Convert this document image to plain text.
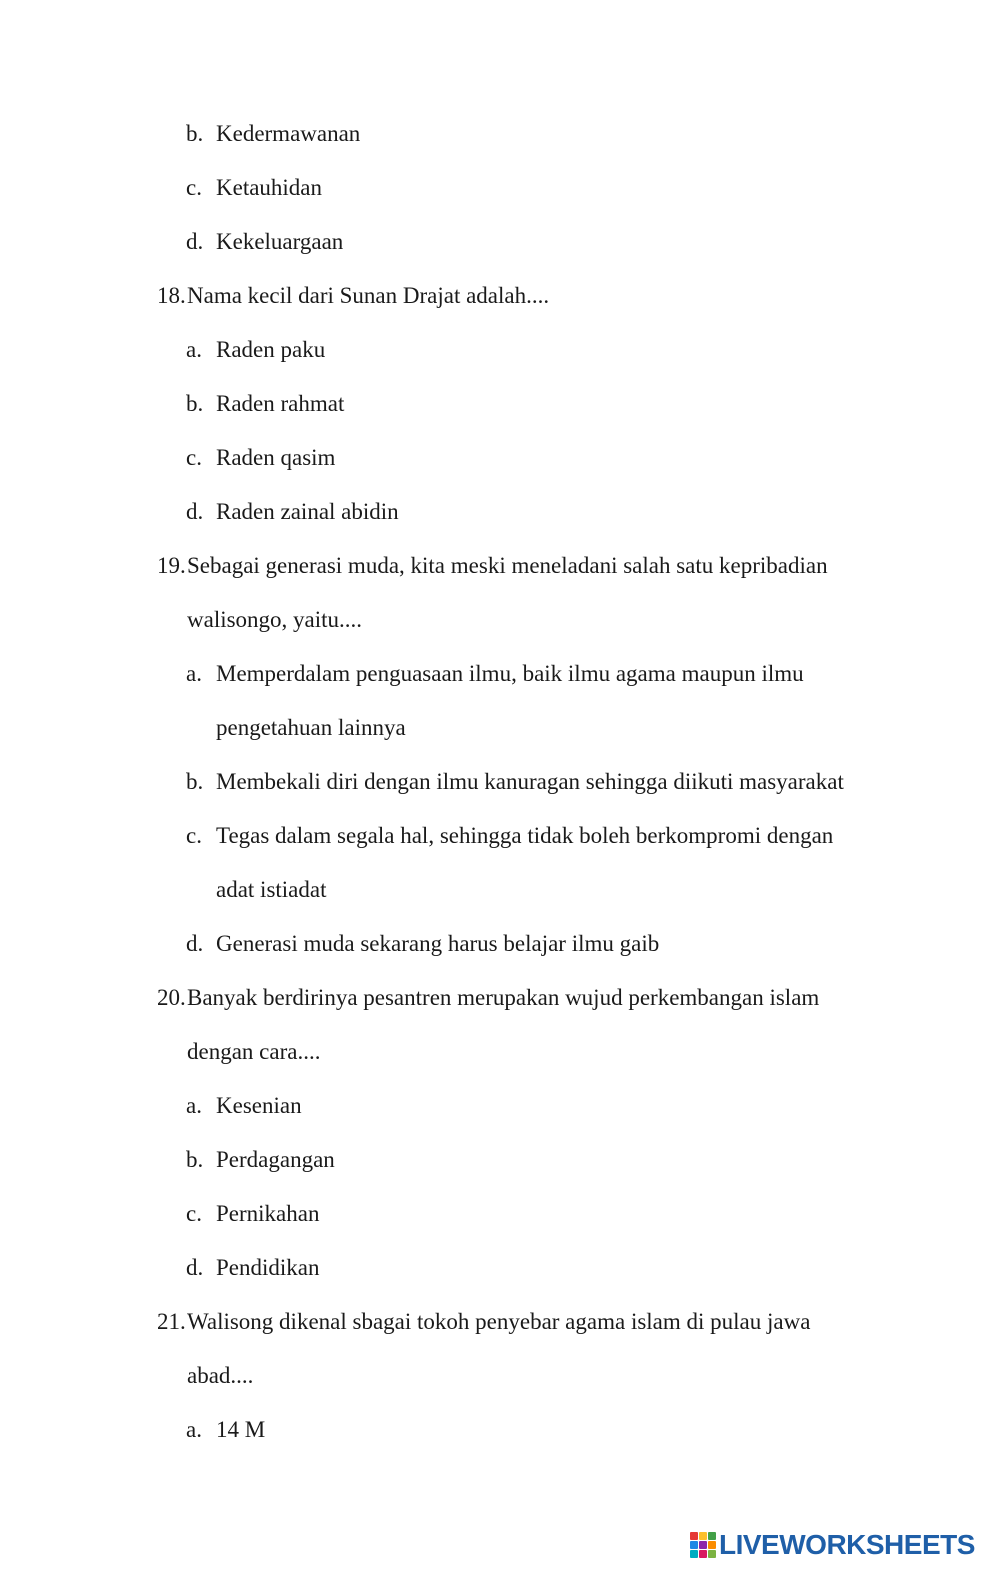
b. Kedermawanan
c. Ketauhidan
d. Kekeluargaan
18. Nama kecil dari Sunan Drajat adalah....
a. Raden paku
b. Raden rahmat
c. Raden qasim
d. Raden zainal abidin
19. Sebagai generasi muda, kita meski meneladani salah satu kepribadian
walisongo, yaitu....
a. Memperdalam penguasaan ilmu, baik ilmu agama maupun ilmu
pengetahuan lainnya
b. Membekali diri dengan ilmu kanuragan sehingga diikuti masyarakat
c. Tegas dalam segala hal, sehingga tidak boleh berkompromi dengan
adat istiadat
d. Generasi muda sekarang harus belajar ilmu gaib
20. Banyak berdirinya pesantren merupakan wujud perkembangan islam
dengan cara....
a. Kesenian
b. Perdagangan
c. Pernikahan
d. Pendidikan
21. Walisong dikenal sbagai tokoh penyebar agama islam di pulau jawa
abad....
a. 14 M
LIVEWORKSHEETS
